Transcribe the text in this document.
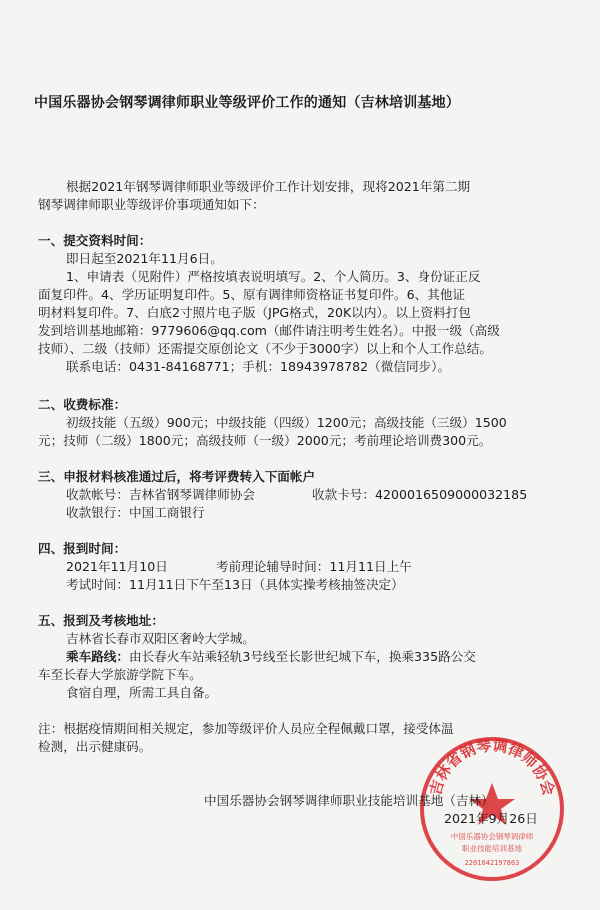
中国乐器协会钢琴调律师职业等级评价工作的通知（吉林培训基地）
根据2021年钢琴调律师职业等级评价工作计划安排，现将2021年第二期
钢琴调律师职业等级评价事项通知如下：
一、提交资料时间：
即日起至2021年11月6日。
1、申请表（见附件）严格按填表说明填写。2、个人简历。3、身份证正反
面复印件。4、学历证明复印件。5、原有调律师资格证书复印件。6、其他证
明材料复印件。7、白底2寸照片电子版（JPG格式，20K以内）。以上资料打包
发到培训基地邮箱：9779606@qq.com（邮件请注明考生姓名）。中报一级（高级
技师）、二级（技师）还需提交原创论文（不少于3000字）以上和个人工作总结。
联系电话：0431-84168771；手机：18943978782（微信同步）。
二、收费标准：
初级技能（五级）900元；中级技能（四级）1200元；高级技能（三级）1500
元；技师（二级）1800元；高级技师（一级）2000元；考前理论培训费300元。
三、申报材料核准通过后，将考评费转入下面帐户
收款帐号：吉林省钢琴调律师协会	收款卡号：4200016509000032185
收款银行：中国工商银行
四、报到时间：
2021年11月10日	考前理论辅导时间：11月11日上午
考试时间：11月11日下午至13日（具体实操考核抽签决定）
五、报到及考核地址：
吉林省长春市双阳区奢岭大学城。
乘车路线：由长春火车站乘轻轨3号线至长影世纪城下车，换乘335路公交
车至长春大学旅游学院下车。
食宿自理，所需工具自备。
注：根据疫情期间相关规定，参加等级评价人员应全程佩戴口罩，接受体温
检测，出示健康码。
吉林省钢琴调律师协会
中国乐器协会钢琴调律师
职业技能培训基地
2201042197863
中国乐器协会钢琴调律师职业技能培训基地（吉林）
2021年9月26日
